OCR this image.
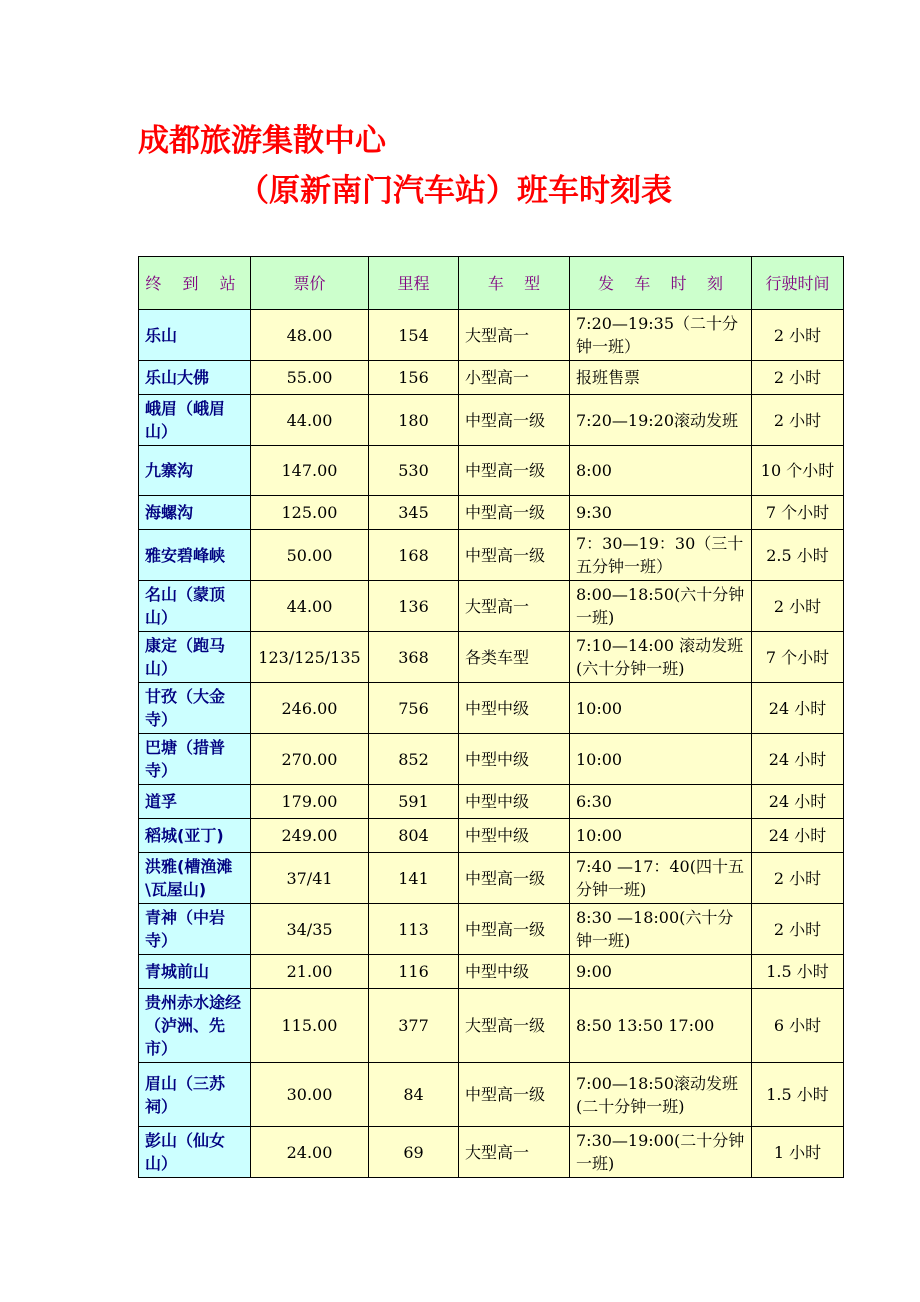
成都旅游集散中心
（原新南门汽车站）班车时刻表
终 到 站	票价	里程	车    型	发    车    时    刻	行驶时间
乐山	48.00	154	大型高一	7:20—19:35（二十分钟一班）	2 小时
乐山大佛	55.00	156	小型高一	报班售票	2 小时
峨眉（峨眉山）	44.00	180	中型高一级	7:20—19:20滚动发班	2 小时
九寨沟	147.00	530	中型高一级	8:00	10 个小时
海螺沟	125.00	345	中型高一级	9:30	7 个小时
雅安碧峰峡	50.00	168	中型高一级	7：30—19：30（三十五分钟一班）	2.5 小时
名山（蒙顶山）	44.00	136	大型高一	8:00—18:50(六十分钟一班)	2 小时
康定（跑马山）	123/125/135	368	各类车型	7:10—14:00 滚动发班(六十分钟一班)	7 个小时
甘孜（大金寺）	246.00	756	中型中级	10:00	24 小时
巴塘（措普寺）	270.00	852	中型中级	10:00	24 小时
道孚	179.00	591	中型中级	6:30	24 小时
稻城(亚丁)	249.00	804	中型中级	10:00	24 小时
洪雅(槽渔滩\瓦屋山)	37/41	141	中型高一级	7:40 —17：40(四十五分钟一班)	2 小时
青神（中岩寺）	34/35	113	中型高一级	8:30 —18:00(六十分钟一班)	2 小时
青城前山	21.00	116	中型中级	9:00	1.5 小时
贵州赤水途经（泸洲、先市）	115.00	377	大型高一级	8:50 13:50 17:00	6 小时
眉山（三苏祠）	30.00	84	中型高一级	7:00—18:50滚动发班(二十分钟一班)	1.5 小时
彭山（仙女山）	24.00	69	大型高一	7:30—19:00(二十分钟一班)	1 小时
